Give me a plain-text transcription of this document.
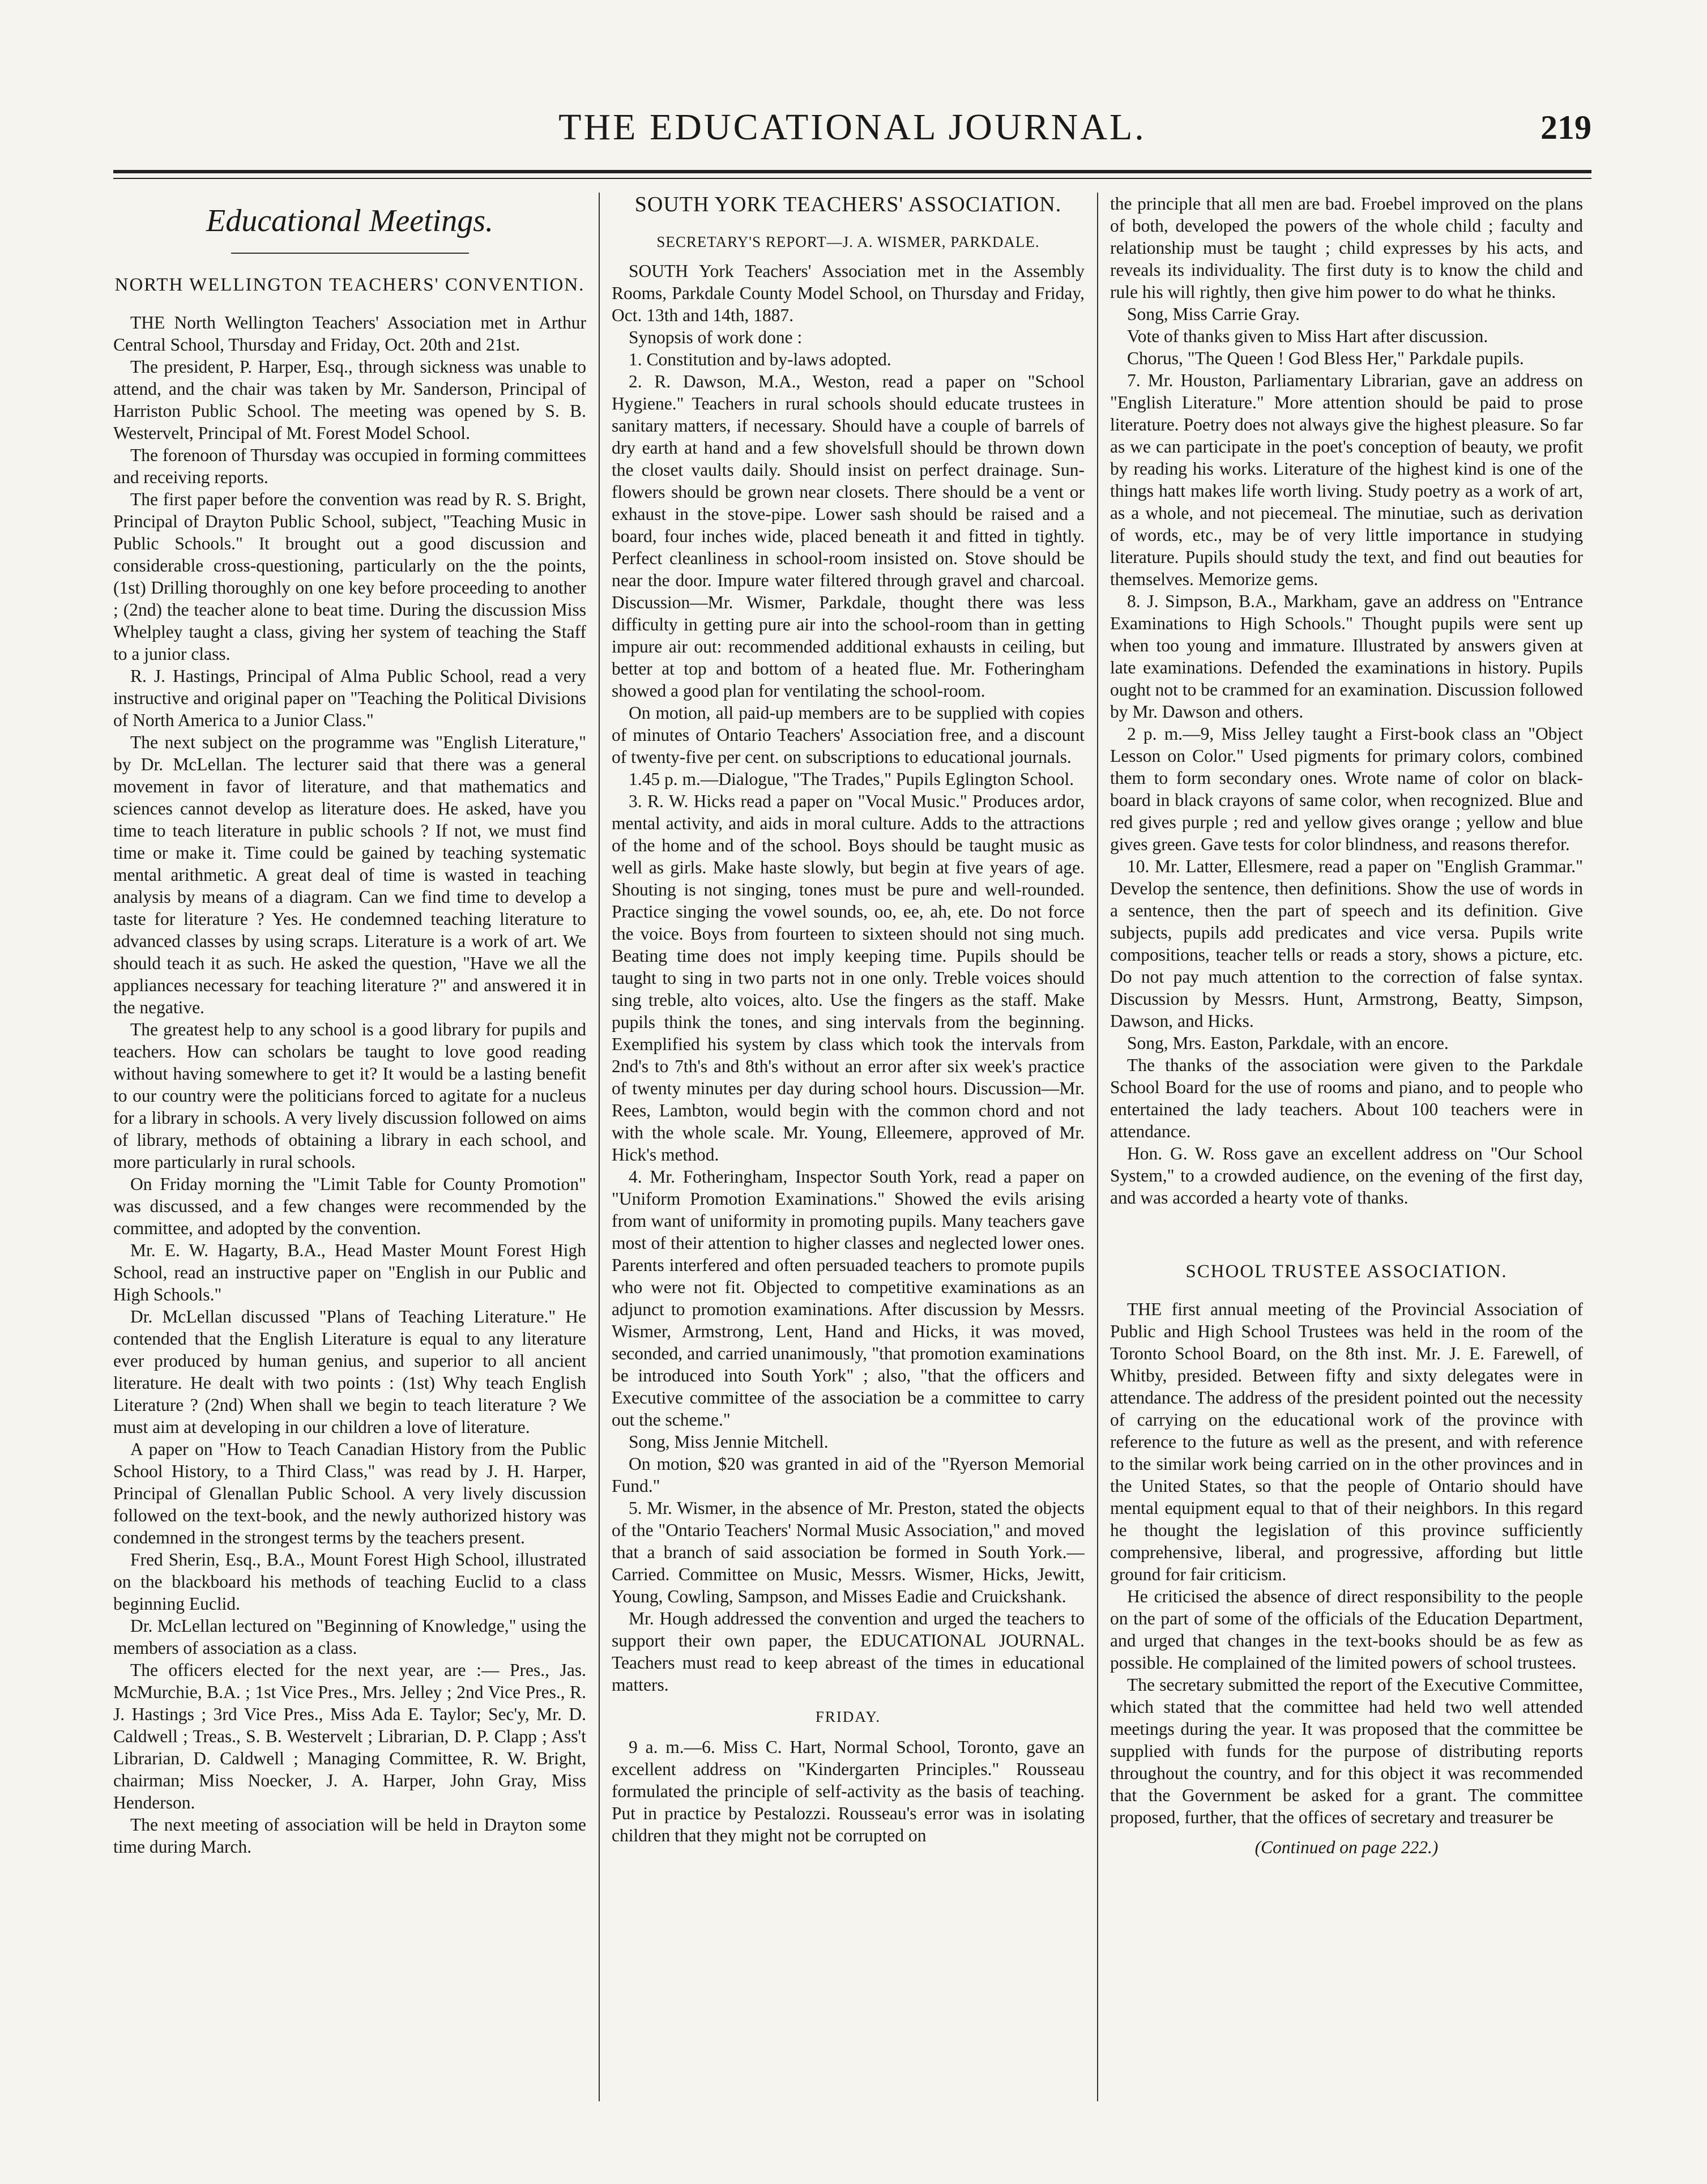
THE EDUCATIONAL JOURNAL.	219
Educational Meetings.
NORTH WELLINGTON TEACHERS' CONVENTION.

THE North Wellington Teachers' Association met in Arthur Central School, Thursday and Friday, Oct. 20th and 21st.

The president, P. Harper, Esq., through sickness was unable to attend, and the chair was taken by Mr. Sanderson, Principal of Harriston Public School. The meeting was opened by S. B. Westervelt, Principal of Mt. Forest Model School.

The forenoon of Thursday was occupied in forming committees and receiving reports.

The first paper before the convention was read by R. S. Bright, Principal of Drayton Public School, subject, "Teaching Music in Public Schools." It brought out a good discussion and considerable cross-questioning, particularly on the the points, (1st) Drilling thoroughly on one key before proceeding to another ; (2nd) the teacher alone to beat time. During the discussion Miss Whelpley taught a class, giving her system of teaching the Staff to a junior class.

R. J. Hastings, Principal of Alma Public School, read a very instructive and original paper on "Teaching the Political Divisions of North America to a Junior Class."

The next subject on the programme was "English Literature," by Dr. McLellan. The lecturer said that there was a general movement in favor of literature, and that mathematics and sciences cannot develop as literature does. He asked, have you time to teach literature in public schools ? If not, we must find time or make it. Time could be gained by teaching systematic mental arithmetic. A great deal of time is wasted in teaching analysis by means of a diagram. Can we find time to develop a taste for literature ? Yes. He condemned teaching literature to advanced classes by using scraps. Literature is a work of art. We should teach it as such. He asked the question, "Have we all the appliances necessary for teaching literature ?" and answered it in the negative.

The greatest help to any school is a good library for pupils and teachers. How can scholars be taught to love good reading without having somewhere to get it? It would be a lasting benefit to our country were the politicians forced to agitate for a nucleus for a library in schools. A very lively discussion followed on aims of library, methods of obtaining a library in each school, and more particularly in rural schools.

On Friday morning the "Limit Table for County Promotion" was discussed, and a few changes were recommended by the committee, and adopted by the convention.

Mr. E. W. Hagarty, B.A., Head Master Mount Forest High School, read an instructive paper on "English in our Public and High Schools."

Dr. McLellan discussed "Plans of Teaching Literature." He contended that the English Literature is equal to any literature ever produced by human genius, and superior to all ancient literature. He dealt with two points : (1st) Why teach English Literature ? (2nd) When shall we begin to teach literature ? We must aim at developing in our children a love of literature.

A paper on "How to Teach Canadian History from the Public School History, to a Third Class," was read by J. H. Harper, Principal of Glenallan Public School. A very lively discussion followed on the text-book, and the newly authorized history was condemned in the strongest terms by the teachers present.

Fred Sherin, Esq., B.A., Mount Forest High School, illustrated on the blackboard his methods of teaching Euclid to a class beginning Euclid.

Dr. McLellan lectured on "Beginning of Knowledge," using the members of association as a class.

The officers elected for the next year, are :— Pres., Jas. McMurchie, B.A. ; 1st Vice Pres., Mrs. Jelley ; 2nd Vice Pres., R. J. Hastings ; 3rd Vice Pres., Miss Ada E. Taylor; Sec'y, Mr. D. Caldwell ; Treas., S. B. Westervelt ; Librarian, D. P. Clapp ; Ass't Librarian, D. Caldwell ; Managing Committee, R. W. Bright, chairman; Miss Noecker, J. A. Harper, John Gray, Miss Henderson.

The next meeting of association will be held in Drayton some time during March.

SOUTH YORK TEACHERS' ASSOCIATION.
SECRETARY'S REPORT—J. A. WISMER, PARKDALE.

SOUTH York Teachers' Association met in the Assembly Rooms, Parkdale County Model School, on Thursday and Friday, Oct. 13th and 14th, 1887.

Synopsis of work done :

1. Constitution and by-laws adopted.

2. R. Dawson, M.A., Weston, read a paper on "School Hygiene." Teachers in rural schools should educate trustees in sanitary matters, if necessary. Should have a couple of barrels of dry earth at hand and a few shovelsfull should be thrown down the closet vaults daily. Should insist on perfect drainage. Sun-flowers should be grown near closets. There should be a vent or exhaust in the stove-pipe. Lower sash should be raised and a board, four inches wide, placed beneath it and fitted in tightly. Perfect cleanliness in school-room insisted on. Stove should be near the door. Impure water filtered through gravel and charcoal. Discussion—Mr. Wismer, Parkdale, thought there was less difficulty in getting pure air into the school-room than in getting impure air out: recommended additional exhausts in ceiling, but better at top and bottom of a heated flue. Mr. Fotheringham showed a good plan for ventilating the school-room.

On motion, all paid-up members are to be supplied with copies of minutes of Ontario Teachers' Association free, and a discount of twenty-five per cent. on subscriptions to educational journals.

1.45 p. m.—Dialogue, "The Trades," Pupils Eglington School.

3. R. W. Hicks read a paper on "Vocal Music." Produces ardor, mental activity, and aids in moral culture. Adds to the attractions of the home and of the school. Boys should be taught music as well as girls. Make haste slowly, but begin at five years of age. Shouting is not singing, tones must be pure and well-rounded. Practice singing the vowel sounds, oo, ee, ah, ete. Do not force the voice. Boys from fourteen to sixteen should not sing much. Beating time does not imply keeping time. Pupils should be taught to sing in two parts not in one only. Treble voices should sing treble, alto voices, alto. Use the fingers as the staff. Make pupils think the tones, and sing intervals from the beginning. Exemplified his system by class which took the intervals from 2nd's to 7th's and 8th's without an error after six week's practice of twenty minutes per day during school hours. Discussion—Mr. Rees, Lambton, would begin with the common chord and not with the whole scale. Mr. Young, Elleemere, approved of Mr. Hick's method.

4. Mr. Fotheringham, Inspector South York, read a paper on "Uniform Promotion Examinations." Showed the evils arising from want of uniformity in promoting pupils. Many teachers gave most of their attention to higher classes and neglected lower ones. Parents interfered and often persuaded teachers to promote pupils who were not fit. Objected to competitive examinations as an adjunct to promotion examinations. After discussion by Messrs. Wismer, Armstrong, Lent, Hand and Hicks, it was moved, seconded, and carried unanimously, "that promotion examinations be introduced into South York" ; also, "that the officers and Executive committee of the association be a committee to carry out the scheme."

Song, Miss Jennie Mitchell.

On motion, $20 was granted in aid of the "Ryerson Memorial Fund."

5. Mr. Wismer, in the absence of Mr. Preston, stated the objects of the "Ontario Teachers' Normal Music Association," and moved that a branch of said association be formed in South York.—Carried. Committee on Music, Messrs. Wismer, Hicks, Jewitt, Young, Cowling, Sampson, and Misses Eadie and Cruickshank.

Mr. Hough addressed the convention and urged the teachers to support their own paper, the EDUCATIONAL JOURNAL. Teachers must read to keep abreast of the times in educational matters.

FRIDAY.

9 a. m.—6. Miss C. Hart, Normal School, Toronto, gave an excellent address on "Kindergarten Principles." Rousseau formulated the principle of self-activity as the basis of teaching. Put in practice by Pestalozzi. Rousseau's error was in isolating children that they might not be corrupted on

the principle that all men are bad. Froebel improved on the plans of both, developed the powers of the whole child ; faculty and relationship must be taught ; child expresses by his acts, and reveals its individuality. The first duty is to know the child and rule his will rightly, then give him power to do what he thinks.

Song, Miss Carrie Gray.

Vote of thanks given to Miss Hart after discussion.

Chorus, "The Queen ! God Bless Her," Parkdale pupils.

7. Mr. Houston, Parliamentary Librarian, gave an address on "English Literature." More attention should be paid to prose literature. Poetry does not always give the highest pleasure. So far as we can participate in the poet's conception of beauty, we profit by reading his works. Literature of the highest kind is one of the things hatt makes life worth living. Study poetry as a work of art, as a whole, and not piecemeal. The minutiae, such as derivation of words, etc., may be of very little importance in studying literature. Pupils should study the text, and find out beauties for themselves. Memorize gems.

8. J. Simpson, B.A., Markham, gave an address on "Entrance Examinations to High Schools." Thought pupils were sent up when too young and immature. Illustrated by answers given at late examinations. Defended the examinations in history. Pupils ought not to be crammed for an examination. Discussion followed by Mr. Dawson and others.

2 p. m.—9, Miss Jelley taught a First-book class an "Object Lesson on Color." Used pigments for primary colors, combined them to form secondary ones. Wrote name of color on black-board in black crayons of same color, when recognized. Blue and red gives purple ; red and yellow gives orange ; yellow and blue gives green. Gave tests for color blindness, and reasons therefor.

10. Mr. Latter, Ellesmere, read a paper on "English Grammar." Develop the sentence, then definitions. Show the use of words in a sentence, then the part of speech and its definition. Give subjects, pupils add predicates and vice versa. Pupils write compositions, teacher tells or reads a story, shows a picture, etc. Do not pay much attention to the correction of false syntax. Discussion by Messrs. Hunt, Armstrong, Beatty, Simpson, Dawson, and Hicks.

Song, Mrs. Easton, Parkdale, with an encore.

The thanks of the association were given to the Parkdale School Board for the use of rooms and piano, and to people who entertained the lady teachers. About 100 teachers were in attendance.

Hon. G. W. Ross gave an excellent address on "Our School System," to a crowded audience, on the evening of the first day, and was accorded a hearty vote of thanks.

SCHOOL TRUSTEE ASSOCIATION.

THE first annual meeting of the Provincial Association of Public and High School Trustees was held in the room of the Toronto School Board, on the 8th inst. Mr. J. E. Farewell, of Whitby, presided. Between fifty and sixty delegates were in attendance. The address of the president pointed out the necessity of carrying on the educational work of the province with reference to the future as well as the present, and with reference to the similar work being carried on in the other provinces and in the United States, so that the people of Ontario should have mental equipment equal to that of their neighbors. In this regard he thought the legislation of this province sufficiently comprehensive, liberal, and progressive, affording but little ground for fair criticism.

He criticised the absence of direct responsibility to the people on the part of some of the officials of the Education Department, and urged that changes in the text-books should be as few as possible. He complained of the limited powers of school trustees.

The secretary submitted the report of the Executive Committee, which stated that the committee had held two well attended meetings during the year. It was proposed that the committee be supplied with funds for the purpose of distributing reports throughout the country, and for this object it was recommended that the Government be asked for a grant. The committee proposed, further, that the offices of secretary and treasurer be

(Continued on page 222.)
